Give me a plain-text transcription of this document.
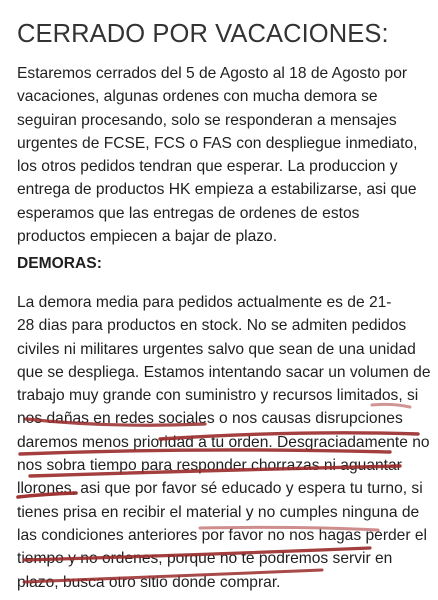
CERRADO POR VACACIONES:

Estaremos cerrados del 5 de Agosto al 18 de Agosto por
vacaciones, algunas ordenes con mucha demora se
seguiran procesando, solo se responderan a mensajes
urgentes de FCSE, FCS o FAS con despliegue inmediato,
los otros pedidos tendran que esperar. La produccion y
entrega de productos HK empieza a estabilizarse, asi que
esperamos que las entregas de ordenes de estos
productos empiecen a bajar de plazo.

DEMORAS:

La demora media para pedidos actualmente es de 21-
28 dias para productos en stock. No se admiten pedidos
civiles ni militares urgentes salvo que sean de una unidad
que se despliega. Estamos intentando sacar un volumen de
trabajo muy grande con suministro y recursos limitados, si
nos dañas en redes sociales o nos causas disrupciones
daremos menos prioridad a tu orden. Desgraciadamente no
nos sobra tiempo para responder chorrazas ni aguantar
llorones, asi que por favor sé educado y espera tu turno, si
tienes prisa en recibir el material y no cumples ninguna de
las condiciones anteriores por favor no nos hagas perder el
tiempo y no ordenes, porque no te podremos servir en
plazo, busca otro sitio donde comprar.
